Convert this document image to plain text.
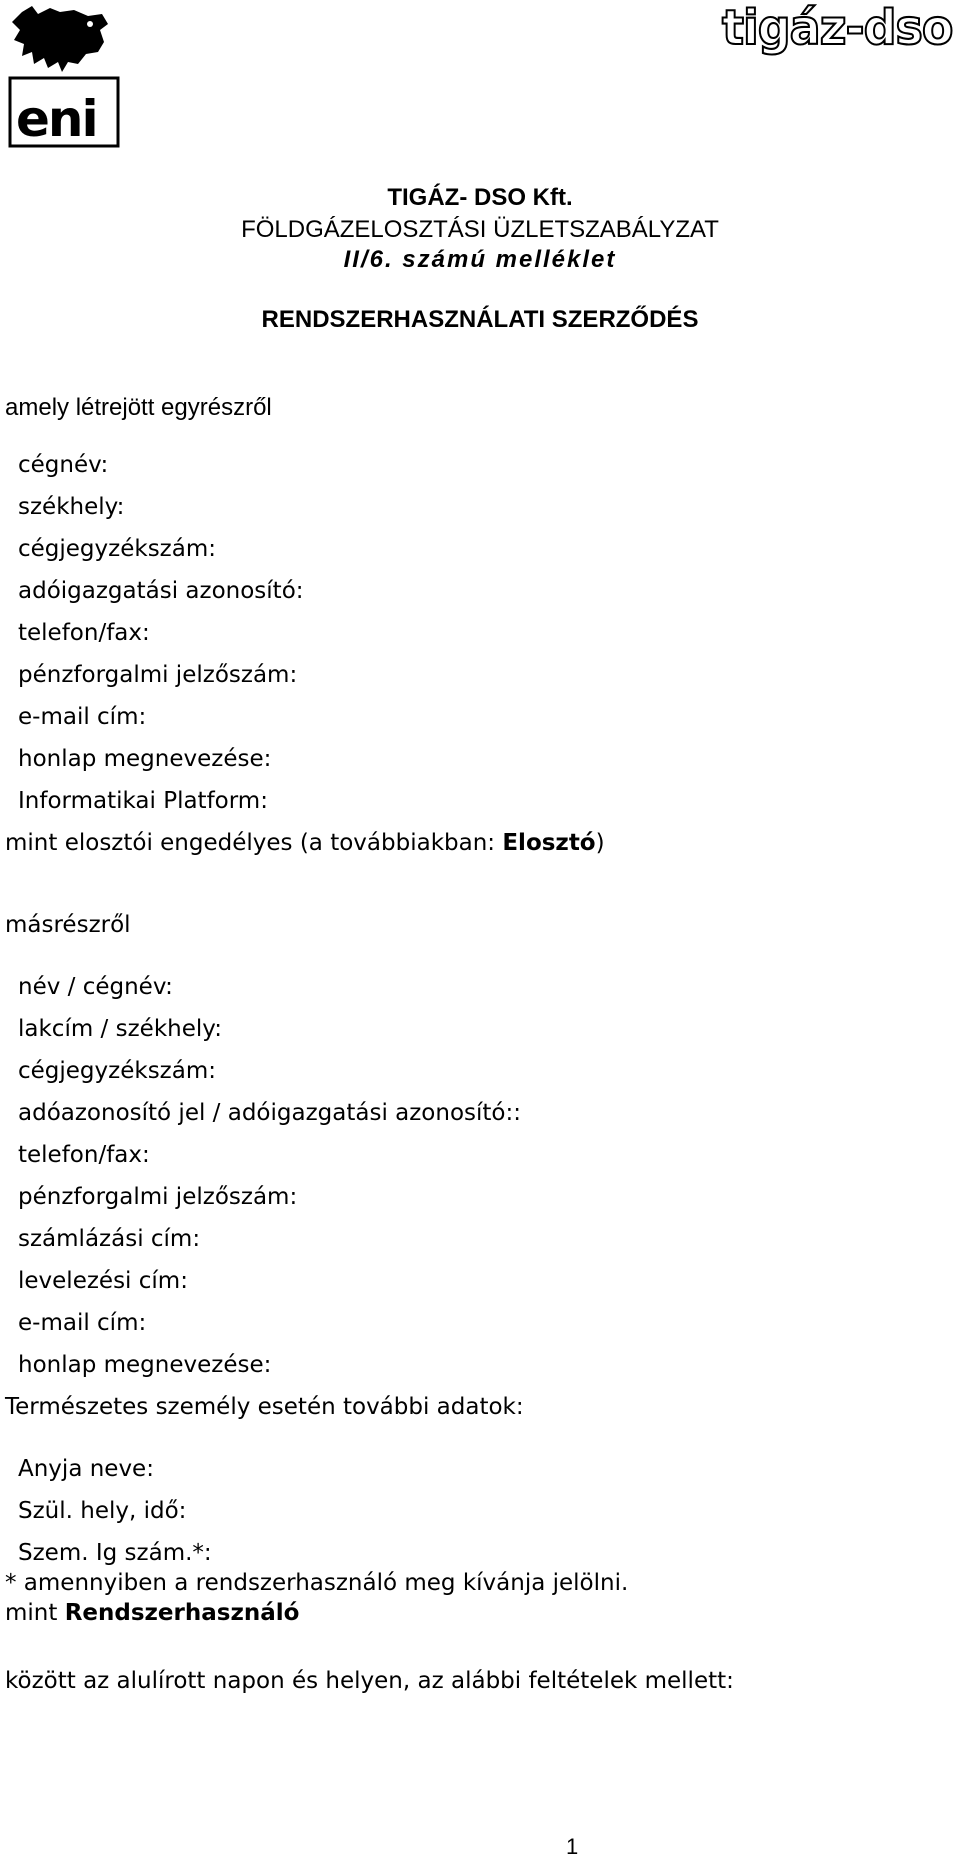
eni
tigáz-dso
TIGÁZ- DSO Kft.
FÖLDGÁZELOSZTÁSI ÜZLETSZABÁLYZAT
II/6. számú melléklet
RENDSZERHASZNÁLATI SZERZŐDÉS
amely létrejött egyrészről
cégnév:
székhely:
cégjegyzékszám:
adóigazgatási azonosító:
telefon/fax:
pénzforgalmi jelzőszám:
e-mail cím:
honlap megnevezése:
Informatikai Platform:
mint elosztói engedélyes (a továbbiakban: Elosztó)
másrészről
név / cégnév:
lakcím / székhely:
cégjegyzékszám:
adóazonosító jel / adóigazgatási azonosító::
telefon/fax:
pénzforgalmi jelzőszám:
számlázási cím:
levelezési cím:
e-mail cím:
honlap megnevezése:
Természetes személy esetén további adatok:
Anyja neve:
Szül. hely, idő:
Szem. Ig szám.*:
* amennyiben a rendszerhasználó meg kívánja jelölni.
mint Rendszerhasználó
között az alulírott napon és helyen, az alábbi feltételek mellett:
1
